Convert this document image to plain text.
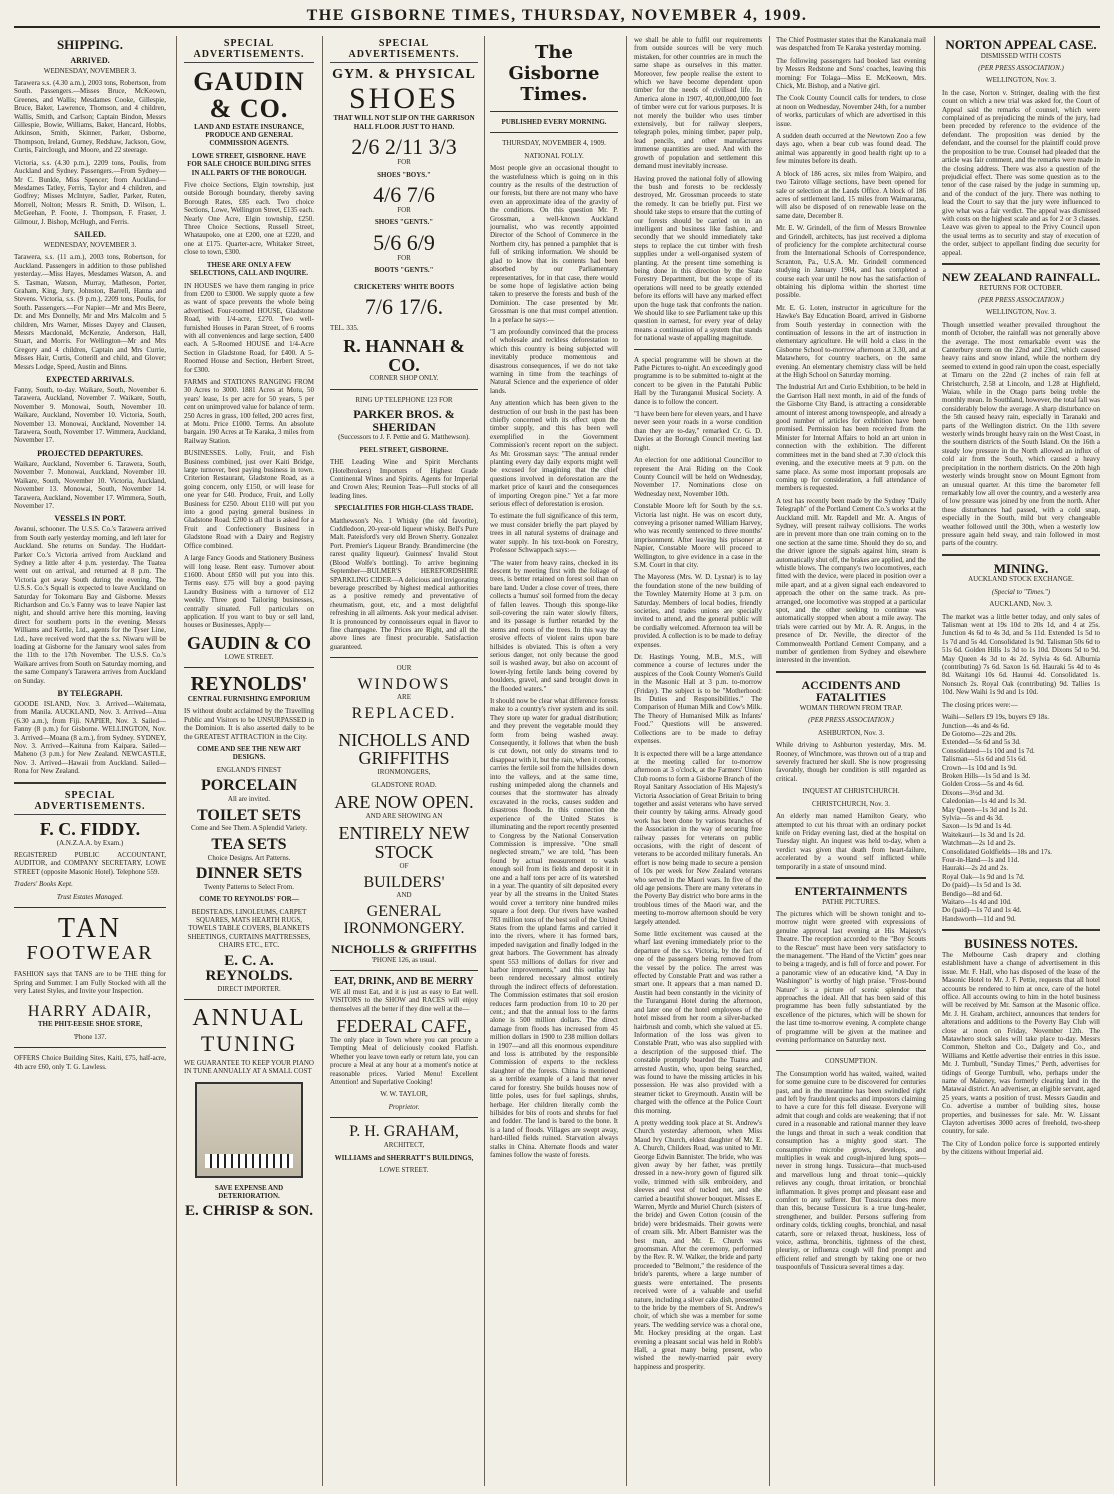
THE GISBORNE TIMES, THURSDAY, NOVEMBER 4, 1909.
SHIPPING.
ARRIVED.
WEDNESDAY, NOVEMBER 3.
Tarawera s.s. (4.30 a.m.), 2003 tons, Robertson, from South. Passengers.—Misses Bruce, McKeown, Greenes, and Wallis; Mesdames Cooke, Gillespie, Bruce, Baker, Lawrence, Thomson, and 4 children, Wallis, Smith, and Carlson; Captain Bindon, Messrs Gillespie, Bowie, Williams, Baker, Hancard, Hobbs, Atkinson, Smith, Skinner, Parker, Osborne, Thompson, Ireland, Gurney, Redshaw, Jackson, Gow, Curtis, Fairclough, and Moore, and 22 steerage.
Victoria, s.s. (4.30 p.m.), 2209 tons, Poulis, from Auckland and Sydney. Passengers.—From Sydney—Mr C. Bunkle, Miss Spencer; from Auckland—Mesdames Tatley, Ferris, Taylor and 4 children, and Godfrey; Misses McIntyre, Sadler, Parker, Ruten, Morrell, Nolton; Messrs R. Smith, D. Wilson, L. McGeehan, P. Foote, J. Thompson, F. Fraser, J. Gilmour, J. Bishop, McHugh, and Ferris.
SAILED.
WEDNESDAY, NOVEMBER 3.
Tarawera, s.s. (11 a.m.), 2003 tons, Robertson, for Auckland. Passengers in addition to those published yesterday.—Miss Hayes, Mesdames Watson, A. and S. Tasman, Watson, Murray, Matheson, Porter, Graham, King, Jury, Johnston, Barrell, Hanna and Stevens. Victoria, s.s. (9 p.m.), 2209 tons, Poulis, for South. Passengers.—For Napier—Mr and Mrs Beere, Dr. and Mrs Donnelly, Mr and Mrs Malcolm and 5 children, Mrs Warner, Misses Dayey and Clausen, Messrs Macdonald, McKenzie, Anderson, Hall, Stuart, and Morris. For Wellington—Mr and Mrs Gregory and 4 children, Captain and Mrs Currie, Misses Hair, Curtis, Cotterill and child, and Glover; Messrs Lodge, Speed, Austin and Binns.
EXPECTED ARRIVALS.
Fanny, South, to-day. Waikare, South, November 6. Tarawera, Auckland, November 7. Waikare, South, November 9. Monowai, South, November 10. Waikare, Auckland, November 10. Victoria, South, November 13. Monowai, Auckland, November 14. Tarawera, South, November 17. Wimmera, Auckland, November 17.
PROJECTED DEPARTURES.
Waikare, Auckland, November 6. Tarawera, South, November 7. Monowai, Auckland, November 10. Waikare, South, November 10. Victoria, Auckland, November 13. Monowai, South, November 14. Tarawera, Auckland, November 17. Wimmera, South, November 17.
VESSELS IN PORT.
Awanui, schooner. The U.S.S. Co.'s Tarawera arrived from South early yesterday morning, and left later for Auckland. She returns on Sunday. The Huddart-Parker Co.'s Victoria arrived from Auckland and Sydney a little after 4 p.m. yesterday. The Tuatea went out on arrival, and returned at 8 p.m. The Victoria got away South during the evening. The U.S.S. Co.'s Squall is expected to leave Auckland on Saturday for Tokomaru Bay and Gisborne. Messrs Richardson and Co.'s Fanny was to leave Napier last night, and should arrive here this morning, leaving direct for southern ports in the evening. Messrs Williams and Kettle, Ltd., agents for the Tyser Line, Ltd., have received word that the s.s. Niwaru will be loading at Gisborne for the January wool sales from the 11th to the 17th November. The U.S.S. Co.'s Waikare arrives from South on Saturday morning, and the same Company's Tarawera arrives from Auckland on Sunday.
BY TELEGRAPH.
GOODE ISLAND, Nov. 3. Arrived—Waitemata, from Manila. AUCKLAND, Nov. 3. Arrived—Atua (6.30 a.m.), from Fiji. NAPIER, Nov. 3. Sailed—Fanny (8 p.m.) for Gisborne. WELLINGTON, Nov. 3. Arrived—Moana (8 a.m.), from Sydney. SYDNEY, Nov. 3. Arrived—Kaituna from Kaipara. Sailed—Maheno (3 p.m.) for New Zealand. NEWCASTLE, Nov. 3. Arrived—Hawaii from Auckland. Sailed—Rona for New Zealand.
SPECIAL ADVERTISEMENTS.
F. C. FIDDY.
(A.N.Z.A.A. by Exam.)
REGISTERED PUBLIC ACCOUNTANT, AUDITOR, and COMPANY SECRETARY, LOWE STREET (opposite Masonic Hotel). Telephone 559.
Traders' Books Kept.
Trust Estates Managed.
TAN
FOOTWEAR
FASHION says that TANS are to be THE thing for Spring and Summer. I am Fully Stocked with all the very Latest Styles, and Invite your Inspection.
HARRY ADAIR,
THE PHIT-EESIE SHOE STORE,
'Phone 137.
OFFERS Choice Building Sites, Kaiti, £75, half-acre, 4th acre £60, only T. G. Lawless.
SPECIAL ADVERTISEMENTS.
GAUDIN & CO.
LAND AND ESTATE INSURANCE, PRODUCE AND GENERAL COMMISSION AGENTS.
LOWE STREET, GISBORNE. HAVE FOR SALE CHOICE BUILDING SITES IN ALL PARTS OF THE BOROUGH.
Five choice Sections, Elgin township, just outside Borough boundary, thereby saving Borough Rates, £85 each. Two choice Sections, Lowe, Wellington Street, £135 each. Nearly One Acre, Elgin township, £250. Three Choice Sections, Russell Street, Whataupoko, one at £200, one at £220, and one at £175. Quarter-acre, Whitaker Street, close to town, £300.
THESE ARE ONLY A FEW SELECTIONS, CALL AND INQUIRE.
IN HOUSES we have them ranging in price from £200 to £3000. We supply quote a few as want of space prevents the whole being advertised. Four-roomed HOUSE, Gladstone Road, with 1/4-acre, £270. Two well-furnished Houses in Paran Street, of 6 rooms with all conveniences and large section, £400 each. A 5-Roomed HOUSE and 1/4-Acre Section in Gladstone Road, for £400. A 5-Roomed House and Section, Herbert Street, for £300.
FARMS and STATIONS RANGING FROM 30 Acres to 3000. 1881 Acres at Motu, 50 years' lease, 1s per acre for 50 years, 5 per cent on unimproved value for balance of term. 250 Acres in grass, 100 felled, 200 acres first, at Motu. Price £1000. Terms. An absolute bargain. 190 Acres at Te Karaka, 3 miles from Railway Station.
BUSINESSES. Lolly, Fruit, and Fish Business combined, just over Kaiti Bridge, large turnover, best paying business in town. Criterion Restaurant, Gladstone Road, as a going concern, only £150, or will lease for one year for £40. Produce, Fruit, and Lolly Business for £250. About £110 will put you into a good paying general business in Gladstone Road. £200 is all that is asked for a Fruit and Confectionery Business in Gladstone Road with a Dairy and Registry Office combined.
A large Fancy Goods and Stationery Business will long lease. Rent easy. Turnover about £1600. About £850 will put you into this. Terms easy. £75 will buy a good paying Laundry Business with a turnover of £12 weekly. Three good Tailoring businesses, centrally situated. Full particulars on application. If you want to buy or sell land, houses or Businesses, Apply—
GAUDIN & CO
LOWE STREET.
REYNOLDS'
CENTRAL FURNISHING EMPORIUM
IS without doubt acclaimed by the Travelling Public and Visitors to be UNSURPASSED in the Dominion. It is also asserted daily to be the GREATEST ATTRACTION in the City.
COME AND SEE THE NEW ART DESIGNS.
ENGLAND'S FINEST
PORCELAIN
All are invited.
TOILET SETS
Come and See Them. A Splendid Variety.
TEA SETS
Choice Designs. Art Patterns.
DINNER SETS
Twenty Patterns to Select From.
COME TO REYNOLDS' FOR—
BEDSTEADS, LINOLEUMS, CARPET SQUARES, MATS HEARTH RUGS, TOWELS TABLE COVERS, BLANKETS SHEETINGS, CURTAINS MATTRESSES, CHAIRS ETC., ETC.
E. C. A. REYNOLDS.
DIRECT IMPORTER.
ANNUAL
TUNING
WE GUARANTEE TO KEEP YOUR PIANO IN TUNE ANNUALLY AT A SMALL COST
SAVE EXPENSE AND DETERIORATION.
E. CHRISP & SON.
SPECIAL ADVERTISEMENTS.
GYM. & PHYSICAL
SHOES
THAT WILL NOT SLIP ON THE GARRISON HALL FLOOR JUST TO HAND.
2/6 2/11 3/3
FOR
SHOES "BOYS."
4/6 7/6
FOR
SHOES "GENTS."
5/6 6/9
FOR
BOOTS "GENTS."
CRICKETERS' WHITE BOOTS
7/6 17/6.
TEL. 335.
R. HANNAH & CO.
CORNER SHOP ONLY.
RING UP TELEPHONE 123 FOR
PARKER BROS. & SHERIDAN
(Successors to J. F. Pettie and G. Matthewson).
PEEL STREET, GISBORNE.
THE Leading Wine and Spirit Merchants (Hotelbrokers) Importers of Highest Grade Continental Wines and Spirits. Agents for Imperial and Crown Ales; Reunion Teas—Full stocks of all leading lines.
SPECIALITIES FOR HIGH-CLASS TRADE.
Matthewson's No. 1 Whisky (the old favorite), Cuddledoon, 20-year-old liqueur whisky. Bell's Pure Malt. Pateisford's very old Brown Sherry. Gonzalez Port. Premier's Liqueur Brandy. Brandimercine (the rarest quality liqueur). Guinness' Invalid Stout (Blood Wolfe's bottling). To arrive beginning September—BULMER'S HEREFORDSHIRE SPARKLING CIDER—A delicious and invigorating beverage prescribed by highest medical authorities as a positive remedy and preventative of rheumatism, gout, etc, and a most delightful refreshing in all ailments. Ask your medical adviser. It is pronounced by connoisseurs equal in flavor to fine champagne. The Prices are Right, and all the above lines are finest procurable. Satisfaction guaranteed.
OUR
WINDOWS
ARE
REPLACED.
NICHOLLS AND GRIFFITHS
IRONMONGERS,
GLADSTONE ROAD.
ARE NOW OPEN.
AND ARE SHOWING AN
ENTIRELY NEW
STOCK
OF
BUILDERS'
AND
GENERAL
IRONMONGERY.
NICHOLLS & GRIFFITHS
'PHONE 126, as usual.
EAT, DRINK, AND BE MERRY
WE all must Eat, and it is just as easy to Eat well. VISITORS to the SHOW and RACES will enjoy themselves all the better if they dine well at the—
FEDERAL CAFE,
The only place in Town where you can procure a Tempting Meal of deliciously cooked Flatfish. Whether you leave town early or return late, you can procure a Meal at any hour at a moment's notice at reasonable prices. Varied Menu! Excellent Attention! and Superlative Cooking!
W. W. TAYLOR,
Proprietor.
P. H. GRAHAM,
ARCHITECT,
WILLIAMS and SHERRATT'S BUILDINGS,
LOWE STREET.
The Gisborne Times.
PUBLISHED EVERY MORNING.
THURSDAY, NOVEMBER 4, 1909.
NATIONAL FOLLY.
Most people give an occasional thought to the wastefulness which is going on in this country as the results of the destruction of our forests, but there are not many who have even an approximate idea of the gravity of the conditions. On this question Mr. P. Grossman, a well-known Auckland journalist, who was recently appointed Director of the School of Commerce in the Northern city, has penned a pamphlet that is full of striking information. We should be glad to know that its contents had been absorbed by our Parliamentary representatives, for in that case, there would be some hope of legislative action being taken to preserve the forests and bush of the Dominion. The case presented by Mr. Grossman is one that must compel attention. In a preface he says:—
"I am profoundly convinced that the process of wholesale and reckless deforestation to which this country is being subjected will inevitably produce momentous and disastrous consequences, if we do not take warning in time from the teachings of Natural Science and the experience of older lands.
Any attention which has been given to the destruction of our bush in the past has been chiefly concerned with its effect upon the timber supply, and this has been well exemplified in the Government Commission's recent report on the subject. As Mr. Grossman says: "The annual render planting every day daily exports might well be excused for imagining that the chief questions involved in deforestation are the market price of kauri and the consequences of importing Oregon pine." Yet a far more serious effect of deforestation is erosion.
To estimate the full significance of this term, we must consider briefly the part played by trees in all natural systems of drainage and water supply. In his text-book on Forestry, Professor Schwappach says:—
"The water from heavy rains, checked in its descent by meeting first with the foliage of trees, is better retained on forest soil than on bare land. Under a close cover of trees, there collects a 'humus' soil formed from the decay of fallen leaves. Though this sponge-like soil-covering the rain water slowly filters, and its passage is further retarded by the stems and roots of the trees. In this way the erosive effects of violent rains upon bare hillsides is obviated. This is often a very serious danger, not only because the good soil is washed away, but also on account of lower-lying fertile lands being covered by boulders, gravel, and sand brought down in the flooded waters."
It should now be clear what difference forests make to a country's river system and its soil. They store up water for gradual distribution; and they prevent the vegetable mould they form from being washed away. Consequently, it follows that when the bush is cut down, not only do streams tend to disappear with it, but the rain, when it comes, carries the fertile soil from the hillsides down into the valleys, and at the same time, rushing unimpeded along the channels and courses that the stormwater has already excavated in the rocks, causes sudden and disastrous floods. In this connection the experience of the United States is illuminating and the report recently presented to Congress by the National Conservation Commission is impressive. "One small neglected stream," we are told, "has been found by actual measurement to wash enough soil from its fields and deposit it in one and a half tons per acre of its watershed in a year. The quantity of silt deposited every year by all the streams in the United States would cover a territory nine hundred miles square a foot deep. Our rivers have washed 783 million tons of the best soil of the United States from the upland farms and carried it into the rivers, where it has formed bars, impeded navigation and finally lodged in the great harbors. The Government has already spent 553 millions of dollars for river and harbor improvements," and this outlay has been rendered necessary almost entirely through the indirect effects of deforestation. The Commission estimates that soil erosion reduces farm production from 10 to 20 per cent.; and that the annual loss to the farms alone is 500 million dollars. The direct damage from floods has increased from 45 million dollars in 1900 to 238 million dollars in 1907—and all this enormous expenditure and loss is attributed by the responsible Commission of experts to the reckless slaughter of the forests. China is mentioned as a terrible example of a land that never cared for forestry. She builds houses now of little poles, uses for fuel saplings, shrubs, herbage. Her children literally comb the hillsides for bits of roots and shrubs for fuel and fodder. The land is bared to the bone. It is a land of floods. Villages are swept away, hard-tilled fields ruined. Starvation always stalks in China. Alternate floods and water famines follow the waste of forests.
we shall be able to fulfil our requirements from outside sources will be very much mistaken, for other countries are in much the same shape as ourselves in this matter. Moreover, few people realise the extent to which we have become dependent upon timber for the needs of civilised life. In America alone in 1907, 40,000,000,000 feet of timber were cut for various purposes. It is not merely the builder who uses timber extensively, but for railway sleepers, telegraph poles, mining timber, paper pulp, lead pencils, and other manufactures immense quantities are used. And with the growth of population and settlement this demand must inevitably increase.
Having proved the national folly of allowing the bush and forests to be recklessly destroyed, Mr. Grossman proceeds to state the remedy. It can be briefly put. First we should take steps to ensure that the cutting of our forests should be carried on in an intelligent and business like fashion, and secondly that we should immediately take steps to replace the cut timber with fresh supplies under a well-organised system of planting. At the present time something is being done in this direction by the State Forestry Department, but the scope of its operations will need to be greatly extended before its efforts will have any marked effect upon the huge task that confronts the nation. We should like to see Parliament take up this question in earnest, for every year of delay means a continuation of a system that stands for national waste of appalling magnitude.
A special programme will be shown at the Pathe Pictures to-night. An exceedingly good programme is to be submitted to-night at the concert to be given in the Patutahi Public Hall by the Turanganui Musical Society. A dance is to follow the concert.
"I have been here for eleven years, and I have never seen your roads in a worse condition than they are to-day," remarked Cr. G. D. Davies at the Borough Council meeting last night.
An election for one additional Councillor to represent the Arai Riding on the Cook County Council will be held on Wednesday, November 17. Nominations close on Wednesday next, November 10th.
Constable Moore left for South by the s.s. Victoria last night. He was on escort duty, conveying a prisoner named William Harvey, who was recently sentenced to three months' imprisonment. After leaving his prisoner at Napier, Constable Moore will proceed to Wellington, to give evidence in a case in the S.M. Court in that city.
The Mayoress (Mrs. W. D. Lysnar) is to lay the foundation stone of the new building of the Townley Maternity Home at 3 p.m. on Saturday. Members of local bodies, friendly societies, and trades unions are specially invited to attend, and the general public will be cordially welcomed. Afternoon tea will be provided. A collection is to be made to defray expenses.
Dr. Hastings Young, M.B., M.S., will commence a course of lectures under the auspices of the Cook County Women's Guild in the Masonic Hall at 3 p.m. to-morrow (Friday). The subject is to be "Motherhood: Its Duties and Responsibilities." The Comparison of Human Milk and Cow's Milk. The Theory of Humanised Milk as Infants' Food." Questions will be answered. Collections are to be made to defray expenses.
It is expected there will be a large attendance at the meeting called for to-morrow afternoon at 3 o'clock, at the Farmers' Union Club rooms to form a Gisborne Branch of the Royal Sanitary Association of His Majesty's Victoria Association of Great Britain to bring together and assist veterans who have served their country by taking arms. Already good work has been done by various branches of the Association in the way of securing free railway passes for veterans on public occasions, with the right of descent of veterans to be accorded military funerals. An effort is now being made to secure a pension of 10s per week for New Zealand veterans who served in the Maori wars. In five of the old age pensions. There are many veterans in the Poverty Bay district who bore arms in the troublous times of the Maori war, and the meeting to-morrow afternoon should be very largely attended.
Some little excitement was caused at the wharf last evening immediately prior to the departure of the s.s. Victoria, by the fact of one of the passengers being removed from the vessel by the police. The arrest was effected by Constable Pratt and was rather a smart one. It appears that a man named D. Austin had been constantly in the vicinity of the Turanganui Hotel during the afternoon, and later one of the hotel employees of the hotel missed from her room a silver-backed hairbrush and comb, which she valued at £5. Information of the loss was given to Constable Pratt, who was also supplied with a description of the supposed thief. The constable promptly boarded the Tuatea and arrested Austin, who, upon being searched, was found to have the missing articles in his possession. He was also provided with a steamer ticket to Greymouth. Austin will be charged with the offence at the Police Court this morning.
A pretty wedding took place at St. Andrew's Church yesterday afternoon, when Miss Maud Ivy Church, eldest daughter of Mr. E. A. Church, Childers Road, was united to Mr. George Edwin Bannister. The bride, who was given away by her father, was prettily dressed in a new-ivory gown of figured silk voile, trimmed with silk embroidery, and sleeves and vest of tucked net, and she carried a beautiful shower bouquet. Misses E. Warren, Myrtle and Muriel Church (sisters of the bride) and Gwen Cotton (cousin of the bride) were bridesmaids. Their gowns were of cream silk. Mr. Albert Bannister was the best man, and Mr. E. Church was groomsman. After the ceremony, performed by the Rev. R. W. Walker, the bride and party proceeded to "Belmont," the residence of the bride's parents, where a large number of guests were entertained. The presents received were of a valuable and useful nature, including a silver cake dish, presented to the bride by the members of St. Andrew's choir, of which she was a member for some years. The wedding service was a choral one, Mr. Hockey presiding at the organ. Last evening a pleasant social was held in Robb's Hall, a great many being present, who wished the newly-married pair every happiness and prosperity.
The Chief Postmaster states that the Kanakanaia mail was despatched from Te Karaka yesterday morning.
The following passengers had booked last evening by Messrs Redstone and Sons' coaches, leaving this morning: For Tolaga—Miss E. McKeown, Mrs. Chick, Mr. Bishop, and a Native girl.
The Cook County Council calls for tenders, to close at noon on Wednesday, November 24th, for a number of works, particulars of which are advertised in this issue.
A sudden death occurred at the Newtown Zoo a few days ago, when a bear cub was found dead. The animal was apparently in good health right up to a few minutes before its death.
A block of 186 acres, six miles from Waipiro, and two Tairoto village sections, have been opened for sale or selection at the Lands Office. A block of 186 acres of settlement land, 15 miles from Waimarama, will also be disposed of on renewable lease on the same date, December 8.
Mr. E. W. Grindell, of the firm of Messrs Brownlee and Grindell, architects, has just received a diploma of proficiency for the complete architectural course from the International Schools of Correspondence, Scranton, Pa., U.S.A. Mr. Grindell commenced studying in January 1904, and has completed a course each year until he now has the satisfaction of obtaining his diploma within the shortest time possible.
Mr. E. G. Loten, instructor in agriculture for the Hawke's Bay Education Board, arrived in Gisborne from South yesterday in connection with the continuation of lessons in the art of instruction in elementary agriculture. He will hold a class in the Gisborne School to-morrow afternoon at 3.30, and at Matawhero, for country teachers, on the same evening. An elementary chemistry class will be held at the High School on Saturday morning.
The Industrial Art and Curio Exhibition, to be held in the Garrison Hall next month, in aid of the funds of the Gisborne City Band, is attracting a considerable amount of interest among townspeople, and already a good number of articles for exhibition have been promised. Permission has been received from the Minister for Internal Affairs to hold an art union in connection with the exhibition. The different committees met in the band shed at 7.30 o'clock this evening, and the executive meets at 9 p.m. on the same place. As some most important proposals are coming up for consideration, a full attendance of members is requested.
A test has recently been made by the Sydney "Daily Telegraph" of the Portland Cement Co.'s works at the Auckland mill. Mr. Rapdell and Mr. A. Angus of Sydney, will present railway collisions. The works are in prevent more than one train coming on to the one section at the same time. Should they do so, and the driver ignore the signals against him, steam is automatically shut off, the brakes are applied, and the whistle blows. The company's two locomotives, each fitted with the device, were placed in position over a mile apart, and at a given signal each endeavored to approach the other on the same track. As pre-arranged, one locomotive was stopped at a particular spot, and the other seeking to continue was automatically stopped when about a mile away. The trials were carried out by Mr. A. R. Angus, in the presence of Dr. Neville, the director of the Commonwealth Portland Cement Company, and a number of gentlemen from Sydney and elsewhere interested in the invention.
ACCIDENTS AND FATALITIES
WOMAN THROWN FROM TRAP.
(PER PRESS ASSOCIATION.)
ASHBURTON, Nov. 3.
While driving to Ashburton yesterday, Mrs. M. Rooney, of Winchmore, was thrown out of a trap and severely fractured her skull. She is now progressing favorably, though her condition is still regarded as critical.
INQUEST AT CHRISTCHURCH.
CHRISTCHURCH, Nov. 3.
An elderly man named Hamilton Geary, who attempted to cut his throat with an ordinary pocket knife on Friday evening last, died at the hospital on Tuesday night. An inquest was held to-day, when a verdict was given that death from heart-failure, accelerated by a wound self inflicted while temporarily in a state of unsound mind.
ENTERTAINMENTS
PATHE PICTURES.
The pictures which will be shown tonight and to-morrow night were greeted with expressions of genuine approval last evening at His Majesty's Theatre. The reception accorded to the "Boy Scouts to the Rescue" must have been very satisfactory to the management. "The Hand of the Victim" goes near to being a tragedy, and is full of force and power. For a panoramic view of an educative kind, "A Day in Washington" is worthy of high praise. "Frost-bound Nature" is a picture of scenic splendor that approaches the ideal. All that has been said of this programme has been fully substantiated by the excellence of the pictures, which will be shown for the last time to-morrow evening. A complete change of programme will be given at the matinee and evening performance on Saturday next.
CONSUMPTION.
The Consumption world has waited, waited, waited for some genuine cure to be discovered for centuries past, and in the meantime has been swindled right and left by fraudulent quacks and impostors claiming to have a cure for this fell disease. Everyone will admit that cough and colds are weakening; that if not cured in a reasonable and rational manner they leave the lungs and throat in such a weak condition that consumption has a mighty good start. The consumptive microbe grows, develops, and multiplies in weak and cough-injured lung spots—never in strong lungs. Tussicura—that much-used and marvellous lung and throat tonic—quickly relieves any cough, throat irritation, or bronchial inflammation. It gives prompt and pleasant ease and comfort to any sufferer. But Tussicura does more than this, because Tussicura is a true lung-healer, strengthener, and builder. Persons suffering from ordinary colds, tickling coughs, bronchial, and nasal catarrh, sore or relaxed throat, huskiness, loss of voice, asthma, bronchitis, tightness of the chest, pleurisy, or influenza cough will find prompt and efficient relief and strength by taking one or two teaspoonfuls of Tussicura several times a day.
NORTON APPEAL CASE.
DISMISSED WITH COSTS
(PER PRESS ASSOCIATION.)
WELLINGTON, Nov. 3.
In the case, Norton v. Stringer, dealing with the first count on which a new trial was asked for, the Court of Appeal said the remarks of counsel, which were complained of as prejudicing the minds of the jury, had been preceded by reference to the evidence of the defendant. The proposition was denied by the defendant, and the counsel for the plaintiff could prove the proposition to be true. Counsel had pleaded that the article was fair comment, and the remarks were made in the closing address. There was also a question of the prejudicial effect. There was some question as to the tenor of the case raised by the judge in summing up, and of the conduct of the jury. There was nothing to lead the Court to say that the jury were influenced to give what was a fair verdict. The appeal was dismissed with costs on the highest scale and as for 2 or 3 classes. Leave was given to appeal to the Privy Council upon the usual terms as to security and stay of execution of the order, subject to appellant finding due security for appeal.
NEW ZEALAND RAINFALL.
RETURNS FOR OCTOBER.
(PER PRESS ASSOCIATION.)
WELLINGTON, Nov. 3.
Though unsettled weather prevailed throughout the month of October, the rainfall was not generally above the average. The most remarkable event was the Canterbury storm on the 22nd and 23rd, which caused heavy rains and snow inland, while the northern dry seemed to extend in good rain upon the coast, especially at Timaru on the 22nd (2 inches of rain fell at Christchurch, 2.58 at Lincoln, and 1.28 at Highfield, Waiau, while in the Otago parts being treble the monthly mean. In Southland, however, the total fall was considerably below the average. A sharp disturbance on the 5th caused heavy rain, especially in Taranaki and parts of the Wellington district. On the 11th severe westerly winds brought heavy rain on the West Coast, in the southern districts of the South Island. On the 16th a steady low pressure in the North allowed an influx of cold air from the South, which caused a heavy precipitation in the northern districts. On the 20th high westerly winds brought snow on Mount Egmont from an unusual quarter. At this time the barometer fell remarkably low all over the country, and a westerly area of low pressure was joined by one from the north. After these disturbances had passed, with a cold snap, especially in the South, mild but very changeable weather followed until the 30th, when a westerly low pressure again held sway, and rain followed in most parts of the country.
MINING.
AUCKLAND STOCK EXCHANGE.
(Special to "Times.")
AUCKLAND, Nov. 3.
The market was a little better today, and only sales of Talisman went at 19s 10d to 20s 1d, and 4 at 25s. Junction 4s 6d to 4s 3d, and 5s 11d. Extended 1s 5d to 1s 7d and 5s 4d. Consolidated 1s 9d. Talisman 50s 6d to 51s 6d. Golden Hills 1s 3d to 1s 10d. Dixons 5d to 9d. May Queen 4s 3d to 4s 2d. Sylvia 4s 6d. Alburnia (contributing) 7s 6d. Saxon 1s 6d. Hauraki 5s 4d to 4s 8d. Waitangi 10s 6d. Haunui 4d. Consolidated 1s. Nonsuch 2s. Royal Oak (contributing) 9d. Tallies 1s 10d. New Waihi 1s 9d and 1s 10d.
The closing prices were:—
Waihi—Sellers £9 19s, buyers £9 18s.
Junction—4s and 4s 6d.
De Gotomo—22s and 20s.
Extended—5s 6d and 5s 3d.
Consolidated—1s 10d and 1s 7d.
Talisman—51s 6d and 51s 6d.
Crown—1s 10d and 1s 9d.
Broken Hills—1s 5d and 1s 3d.
Golden Cross—5s and 4s 6d.
Dixons—3½d and 3d.
Caledonian—1s 4d and 1s 3d.
May Queen—1s 3d and 1s 2d.
Sylvia—5s and 4s 3d.
Saxon—1s 9d and 1s 4d.
Waitekauri—1s 3d and 1s 2d.
Watchman—2s 1d and 2s.
Consolidated Goldfields—18s and 17s.
Four-in-Hand—1s and 11d.
Hauraki—2s 2d and 2s.
Royal Oak—1s 9d and 1s 7d.
Do (paid)—1s 5d and 1s 3d.
Bendigo—8d and 6d.
Waitaro—1s 4d and 10d.
Do (paid)—1s 7d and 1s 4d.
Handsworth—11d and 9d.
BUSINESS NOTES.
The Melbourne Cash drapery and clothing establishment have a change of advertisement in this issue. Mr. F. Hall, who has disposed of the lease of the Masonic Hotel to Mr. J. F. Pettie, requests that all hotel accounts be rendered to him at once, care of the hotel office. All accounts owing to him in the hotel business will be received by Mr. Samson at the Masonic office. Mr. J. H. Graham, architect, announces that tenders for alterations and additions to the Poverty Bay Club will close at noon on Friday, November 12th. The Matawhero stock sales will take place to-day. Messrs Common, Shelton and Co., Dalgety and Co., and Williams and Kettle advertise their entries in this issue. Mr. J. Turnbull, "Sunday Times," Perth, advertises for tidings of George Turnbull, who, perhaps under the name of Maloney, was formerly clearing land in the Matawai district. An advertiser, an eligible servant, aged 25 years, wants a position of trust. Messrs Gaudin and Co. advertise a number of building sites, house properties, and businesses for sale. Mr. W. Lissant Clayton advertises 3000 acres of freehold, two-sheep country, for sale.
The City of London police force is supported entirely by the citizens without Imperial aid.
